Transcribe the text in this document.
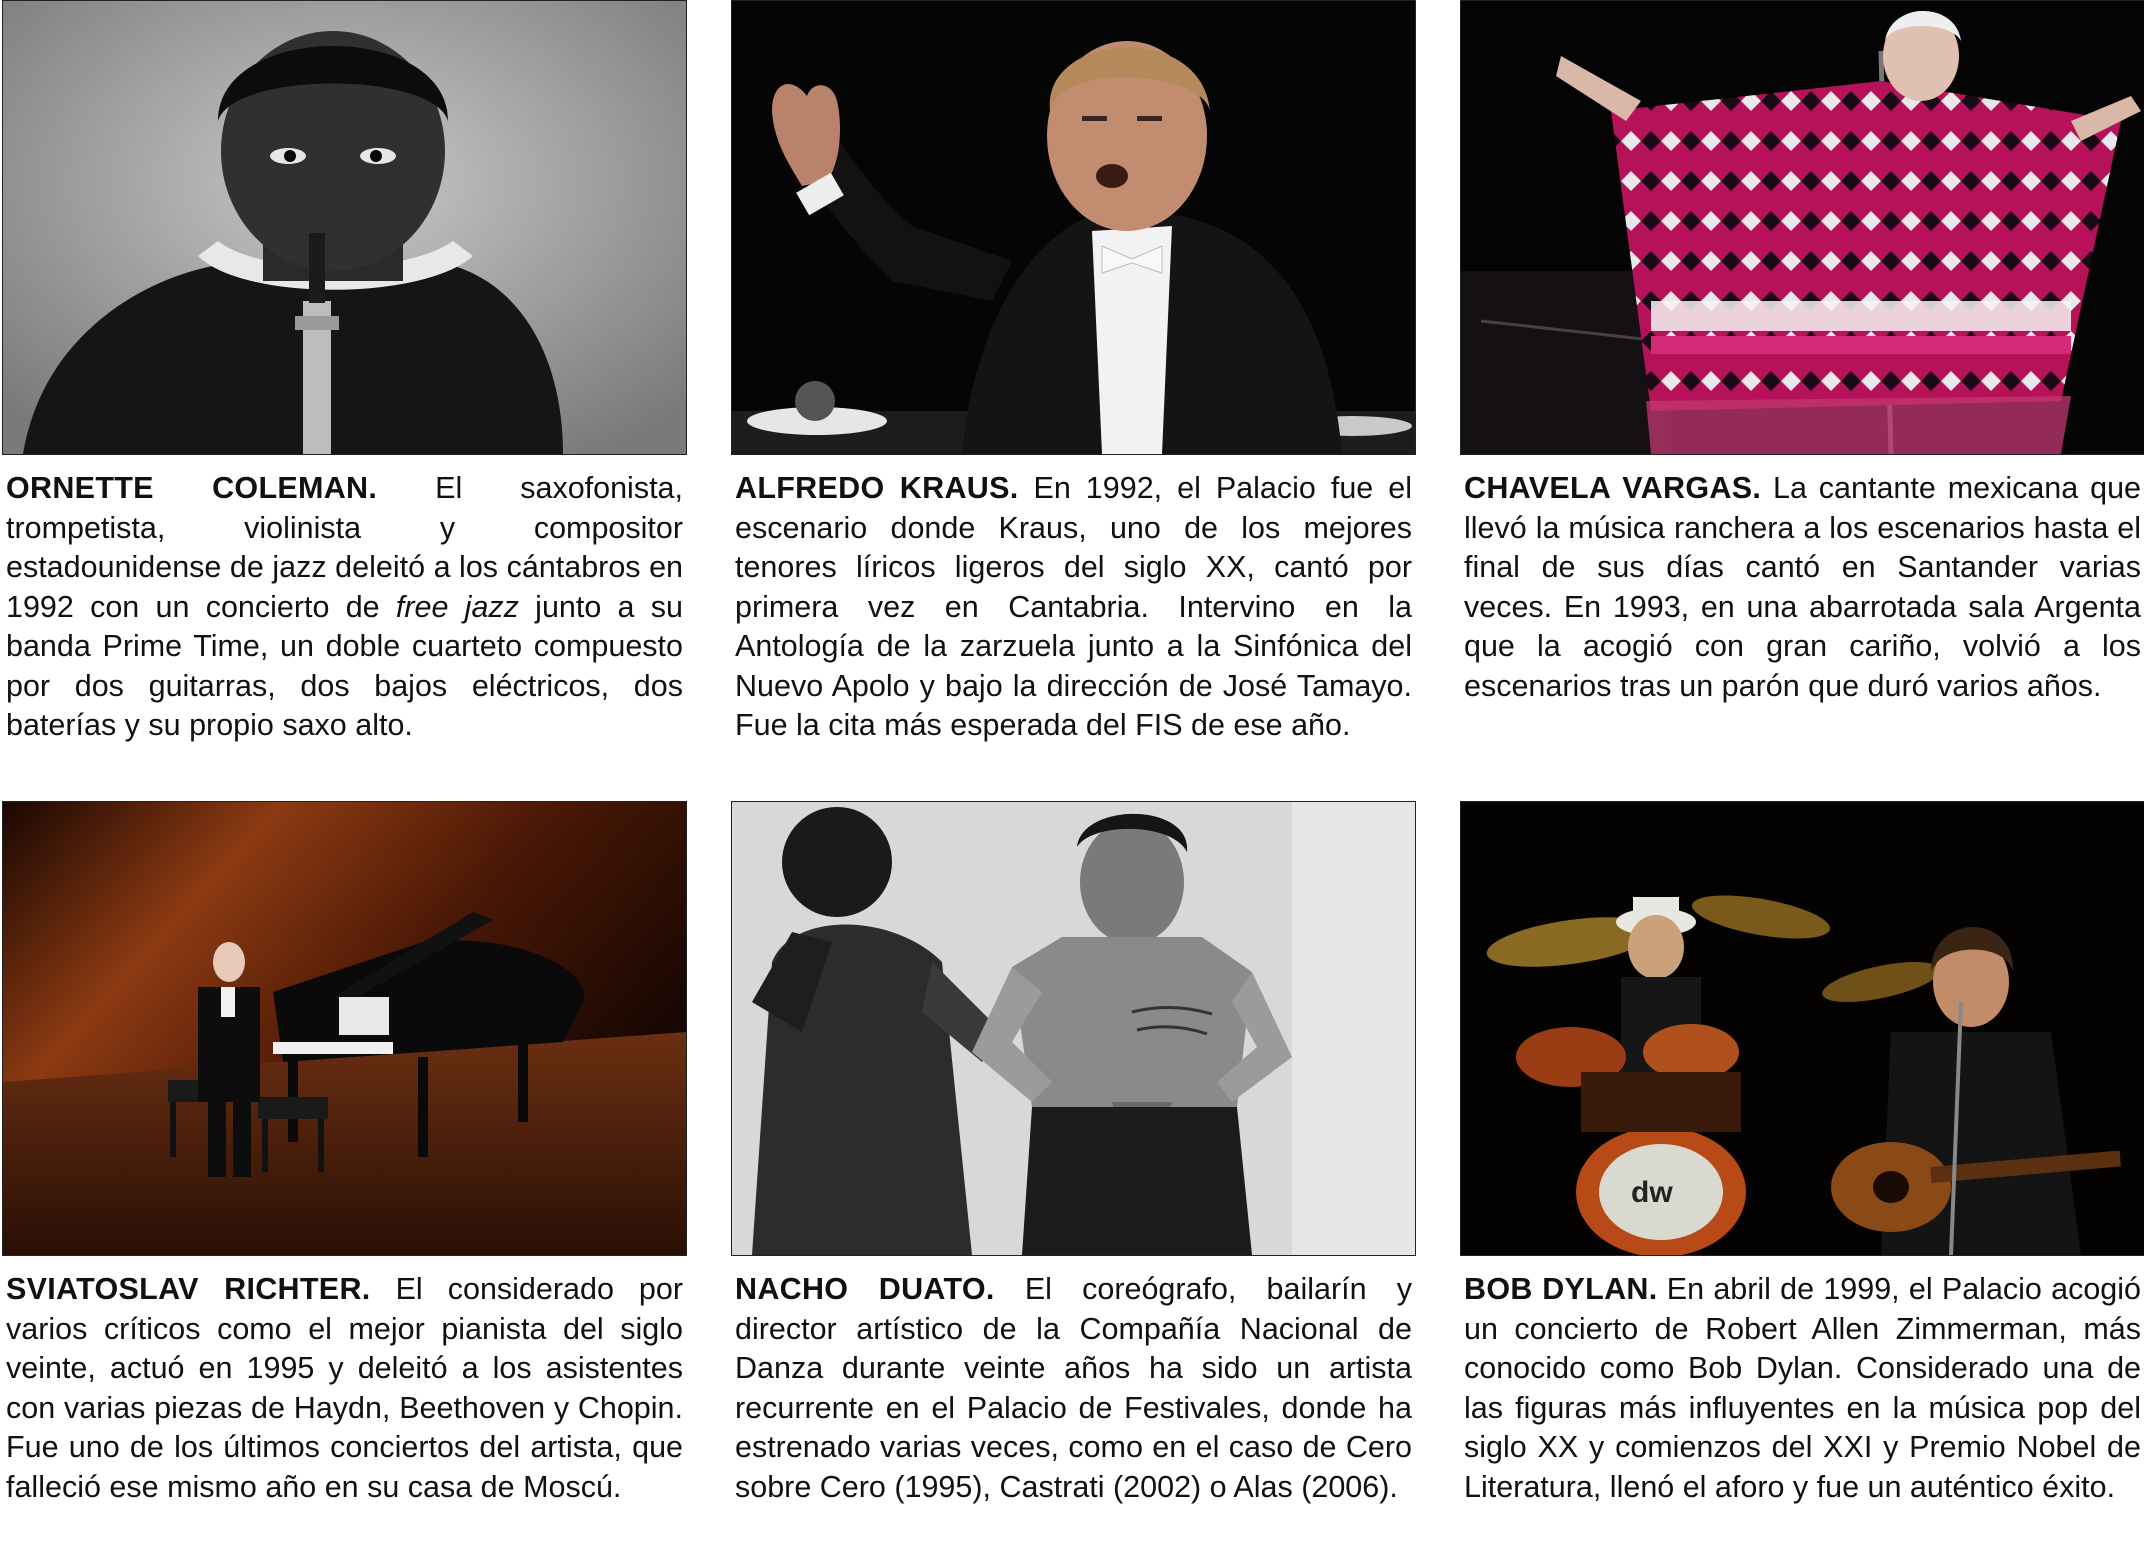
ORNETTE COLEMAN. El saxofonista, trompetista, violinista y compositor estadounidense de jazz deleitó a los cántabros en 1992 con un concierto de free jazz junto a su banda Prime Time, un doble cuarteto compuesto por dos guitarras, dos bajos eléctricos, dos baterías y su propio saxo alto.
ALFREDO KRAUS. En 1992, el Palacio fue el escenario donde Kraus, uno de los mejores tenores líricos ligeros del siglo XX, cantó por primera vez en Cantabria. Intervino en la Antología de la zarzuela junto a la Sinfónica del Nuevo Apolo y bajo la dirección de José Tamayo. Fue la cita más esperada del FIS de ese año.
CHAVELA VARGAS. La cantante mexicana que llevó la música ranchera a los escenarios hasta el final de sus días cantó en Santander varias veces. En 1993, en una abarrotada sala Argenta que la acogió con gran cariño, volvió a los escenarios tras un parón que duró varios años.
SVIATOSLAV RICHTER. El considerado por varios críticos como el mejor pianista del siglo veinte, actuó en 1995 y deleitó a los asistentes con varias piezas de Haydn, Beethoven y Chopin. Fue uno de los últimos conciertos del artista, que falleció ese mismo año en su casa de Moscú.
NACHO DUATO. El coreógrafo, bailarín y director artístico de la Compañía Nacional de Danza durante veinte años ha sido un artista recurrente en el Palacio de Festivales, donde ha estrenado varias veces, como en el caso de Cero sobre Cero (1995), Castrati (2002) o Alas (2006).
dw
BOB DYLAN. En abril de 1999, el Palacio acogió un concierto de Robert Allen Zimmerman, más conocido como Bob Dylan. Considerado una de las figuras más influyentes en la música pop del siglo XX y comienzos del XXI y Premio Nobel de Literatura, llenó el aforo y fue un auténtico éxito.
